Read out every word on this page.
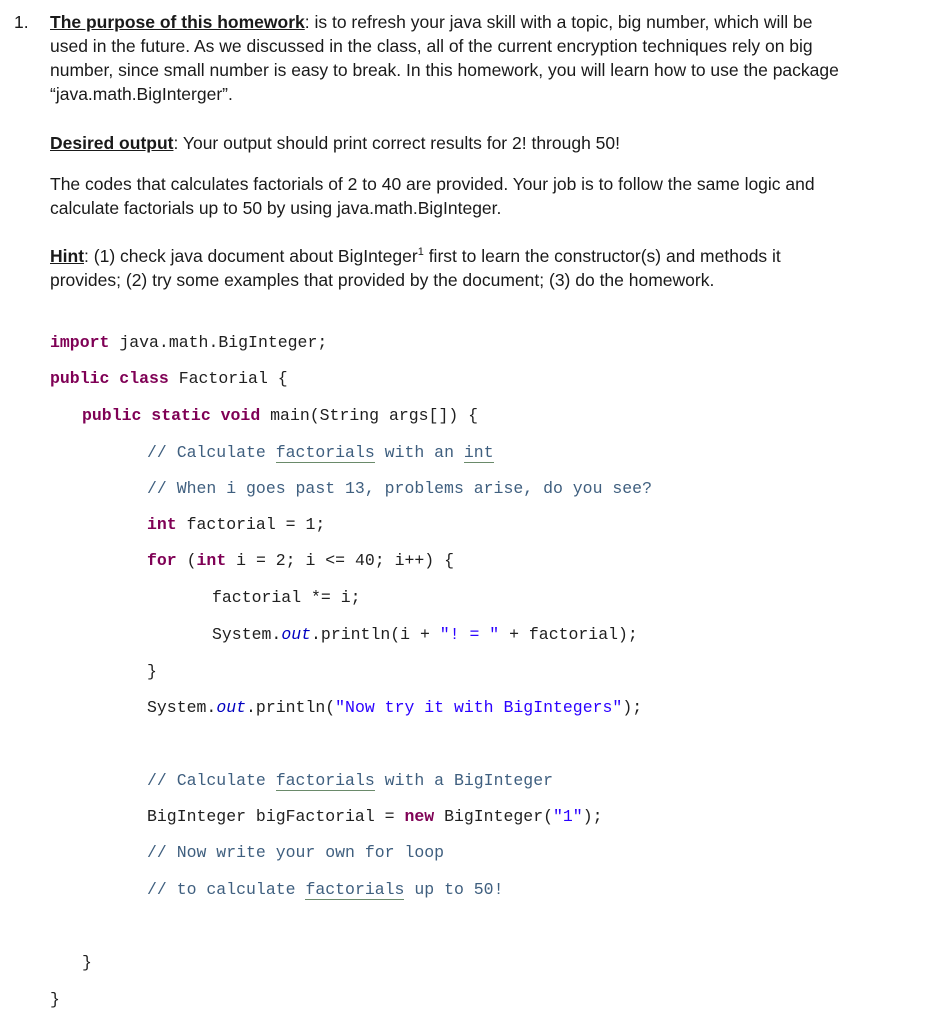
1. The purpose of this homework: is to refresh your java skill with a topic, big number, which will be used in the future. As we discussed in the class, all of the current encryption techniques rely on big number, since small number is easy to break. In this homework, you will learn how to use the package “java.math.BigInterger”.

Desired output: Your output should print correct results for 2! through 50!

The codes that calculates factorials of 2 to 40 are provided. Your job is to follow the same logic and calculate factorials up to 50 by using java.math.BigInteger.

Hint: (1) check java document about BigInteger$^1$ first to learn the constructor(s) and methods it provides; (2) try some examples that provided by the document; (3) do the homework.

import java.math.BigInteger;
public class Factorial {
public static void main(String args[]) {
// Calculate factorials with an int
// When i goes past 13, problems arise, do you see?
int factorial = 1;
for (int i = 2; i <= 40; i++) {
factorial *= i;
System.out.println(i + "! = " + factorial);
}
System.out.println("Now try it with BigIntegers");
// Calculate factorials with a BigInteger
BigInteger bigFactorial = new BigInteger("1");
// Now write your own for loop
// to calculate factorials up to 50!
}
}
